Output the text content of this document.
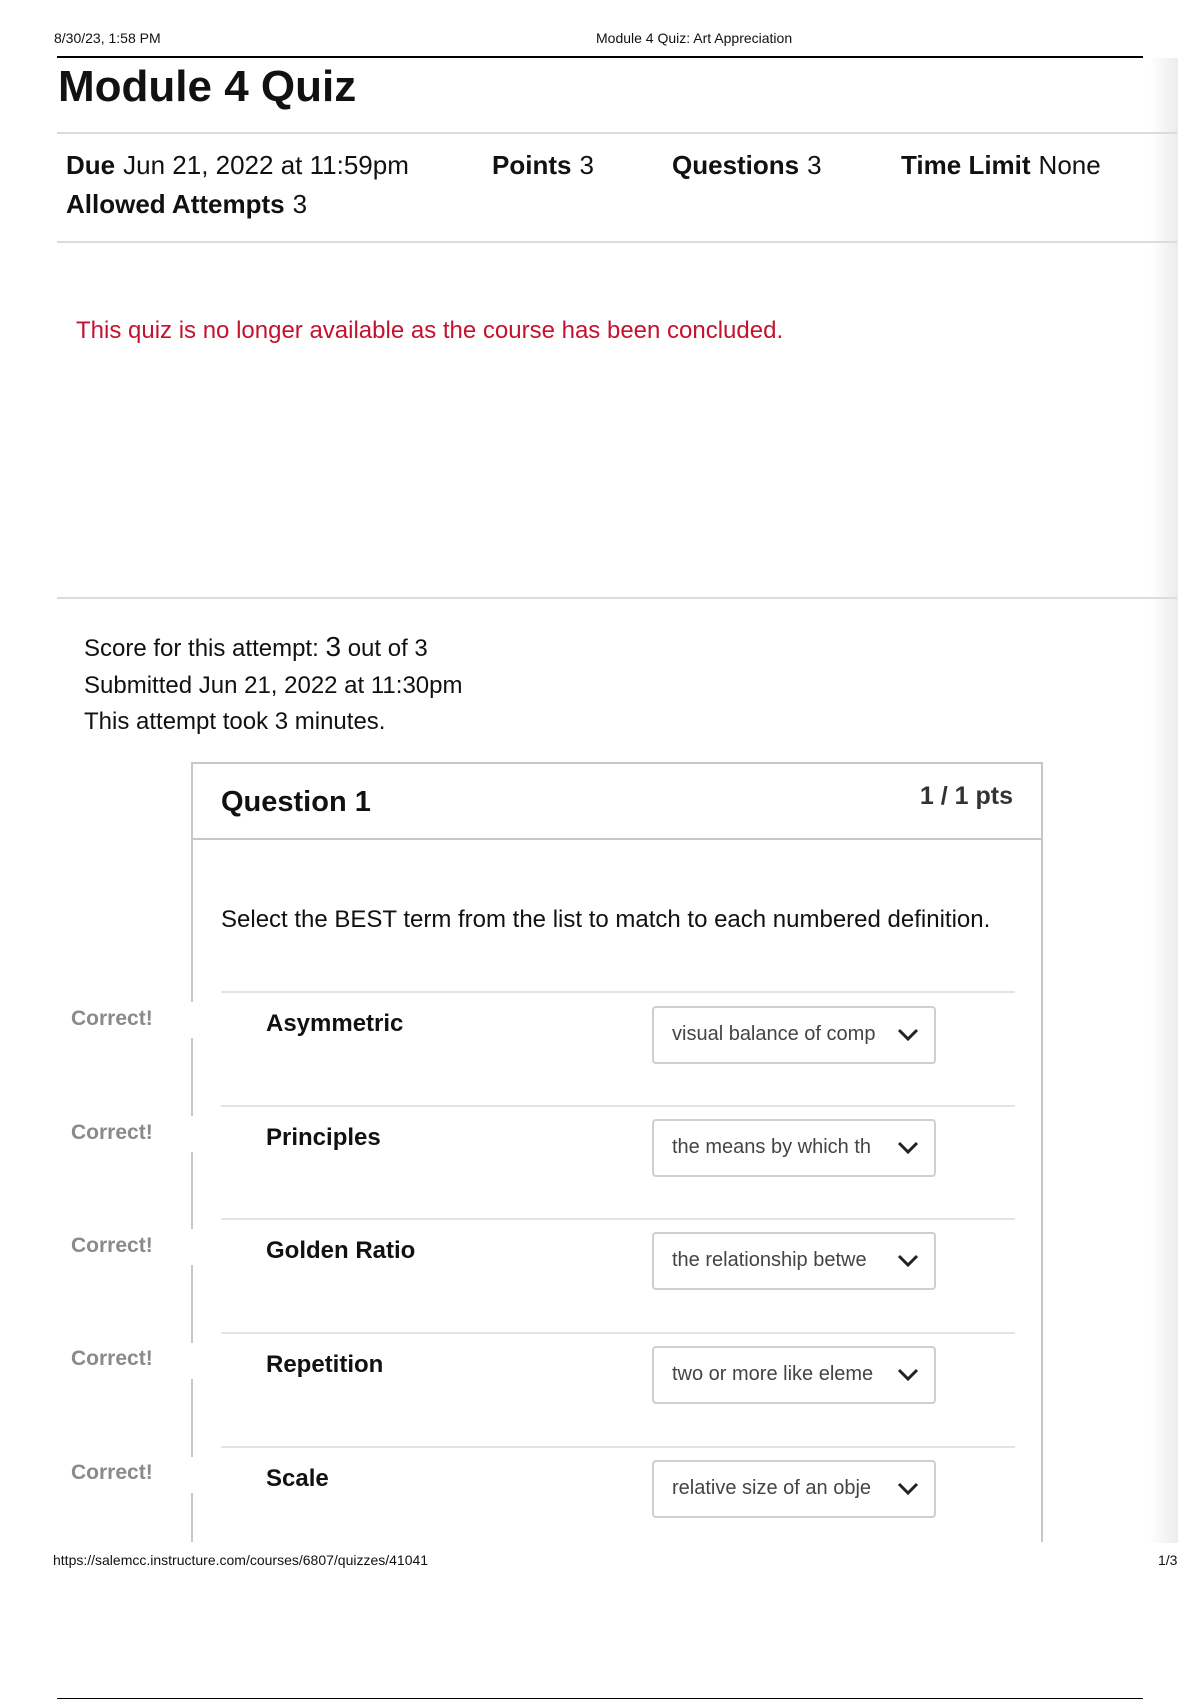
8/30/23, 1:58 PM	Module 4 Quiz: Art Appreciation
Module 4 Quiz
Due Jun 21, 2022 at 11:59pm	Points 3	Questions 3	Time Limit None
Allowed Attempts 3
This quiz is no longer available as the course has been concluded.
Score for this attempt: 3 out of 3
Submitted Jun 21, 2022 at 11:30pm
This attempt took 3 minutes.
Question 1	1 / 1 pts
Select the BEST term from the list to match to each numbered definition.
Correct!	Asymmetric	visual balance of comp
Correct!	Principles	the means by which th
Correct!	Golden Ratio	the relationship betwe
Correct!	Repetition	two or more like eleme
Correct!	Scale	relative size of an obje
https://salemcc.instructure.com/courses/6807/quizzes/41041	1/3
